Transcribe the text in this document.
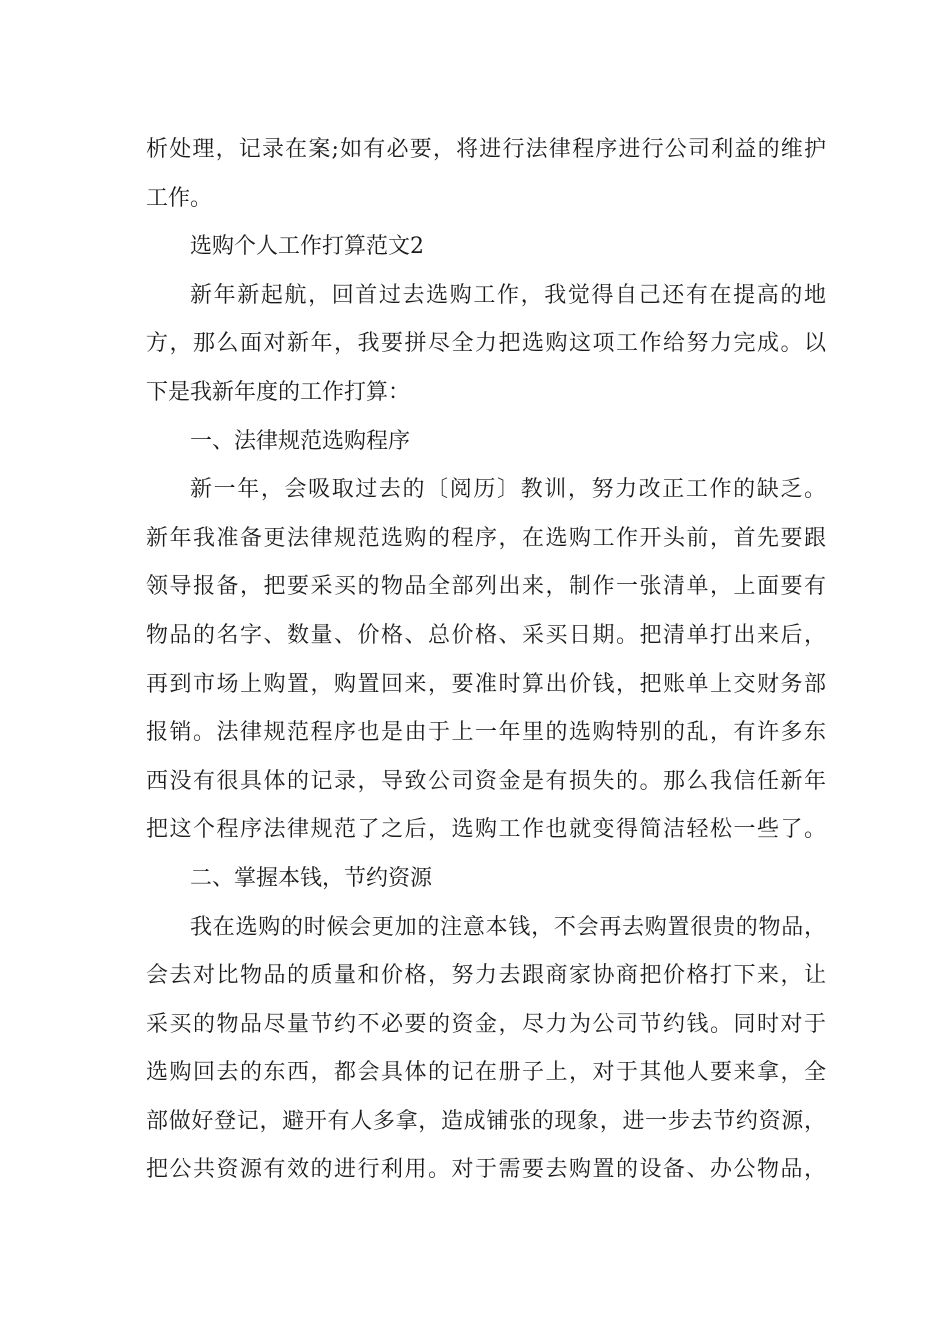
析处理，记录在案;如有必要，将进行法律程序进行公司利益的维护
工作。
选购个人工作打算范文2
新年新起航，回首过去选购工作，我觉得自己还有在提高的地
方，那么面对新年，我要拼尽全力把选购这项工作给努力完成。以
下是我新年度的工作打算：
一、法律规范选购程序
新一年，会吸取过去的〔阅历〕教训，努力改正工作的缺乏。
新年我准备更法律规范选购的程序，在选购工作开头前，首先要跟
领导报备，把要采买的物品全部列出来，制作一张清单，上面要有
物品的名字、数量、价格、总价格、采买日期。把清单打出来后，
再到市场上购置，购置回来，要准时算出价钱，把账单上交财务部
报销。法律规范程序也是由于上一年里的选购特别的乱，有许多东
西没有很具体的记录，导致公司资金是有损失的。那么我信任新年
把这个程序法律规范了之后，选购工作也就变得简洁轻松一些了。
二、掌握本钱，节约资源
我在选购的时候会更加的注意本钱，不会再去购置很贵的物品，
会去对比物品的质量和价格，努力去跟商家协商把价格打下来，让
采买的物品尽量节约不必要的资金，尽力为公司节约钱。同时对于
选购回去的东西，都会具体的记在册子上，对于其他人要来拿，全
部做好登记，避开有人多拿，造成铺张的现象，进一步去节约资源，
把公共资源有效的进行利用。对于需要去购置的设备、办公物品，
